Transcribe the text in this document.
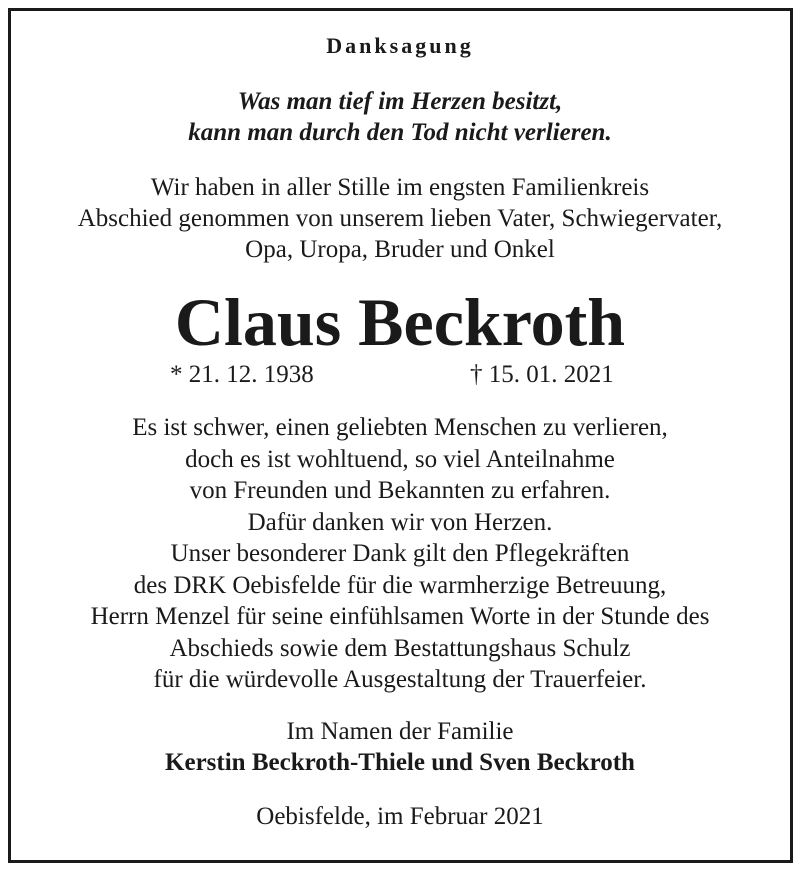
Danksagung
Was man tief im Herzen besitzt,
kann man durch den Tod nicht verlieren.
Wir haben in aller Stille im engsten Familienkreis
Abschied genommen von unserem lieben Vater, Schwiegervater,
Opa, Uropa, Bruder und Onkel
Claus Beckroth
* 21. 12. 1938	† 15. 01. 2021
Es ist schwer, einen geliebten Menschen zu verlieren,
doch es ist wohltuend, so viel Anteilnahme
von Freunden und Bekannten zu erfahren.
Dafür danken wir von Herzen.
Unser besonderer Dank gilt den Pflegekräften
des DRK Oebisfelde für die warmherzige Betreuung,
Herrn Menzel für seine einfühlsamen Worte in der Stunde des
Abschieds sowie dem Bestattungshaus Schulz
für die würdevolle Ausgestaltung der Trauerfeier.
Im Namen der Familie
Kerstin Beckroth-Thiele und Sven Beckroth
Oebisfelde, im Februar 2021
